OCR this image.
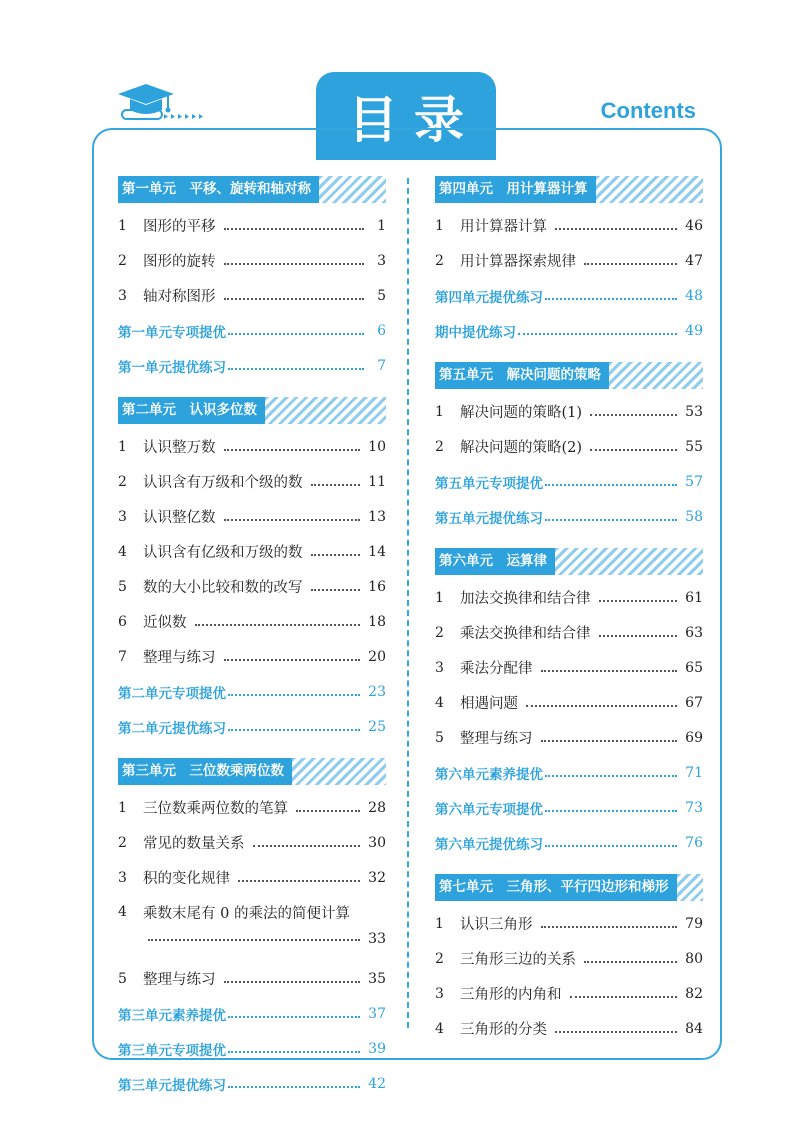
目录	Contents
第一单元　平移、旋转和轴对称
1	图形的平移	1
2	图形的旋转	3
3	轴对称图形	5
第一单元专项提优	6
第一单元提优练习	7
第二单元　认识多位数
1	认识整万数	10
2	认识含有万级和个级的数	11
3	认识整亿数	13
4	认识含有亿级和万级的数	14
5	数的大小比较和数的改写	16
6	近似数	18
7	整理与练习	20
第二单元专项提优	23
第二单元提优练习	25
第三单元　三位数乘两位数
1	三位数乘两位数的笔算	28
2	常见的数量关系	30
3	积的变化规律	32
4	乘数末尾有 0 的乘法的简便计算
33
5	整理与练习	35
第三单元素养提优	37
第三单元专项提优	39
第三单元提优练习	42
第四单元　用计算器计算
1	用计算器计算	46
2	用计算器探索规律	47
第四单元提优练习	48
期中提优练习	49
第五单元　解决问题的策略
1	解决问题的策略(1)	53
2	解决问题的策略(2)	55
第五单元专项提优	57
第五单元提优练习	58
第六单元　运算律
1	加法交换律和结合律	61
2	乘法交换律和结合律	63
3	乘法分配律	65
4	相遇问题	67
5	整理与练习	69
第六单元素养提优	71
第六单元专项提优	73
第六单元提优练习	76
第七单元　三角形、平行四边形和梯形
1	认识三角形	79
2	三角形三边的关系	80
3	三角形的内角和	82
4	三角形的分类	84
